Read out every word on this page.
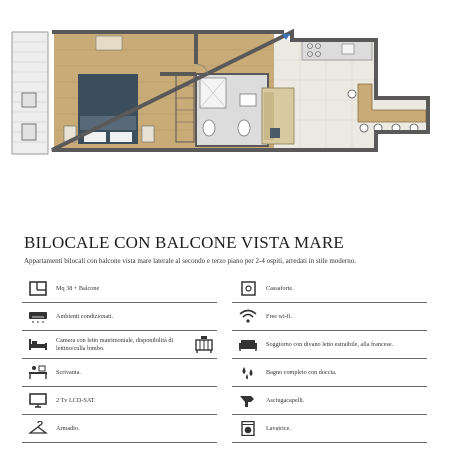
BILOCALE CON BALCONE VISTA MARE
Appartamenti bilocali con balcone vista mare laterale al secondo e terzo piano per 2-4 ospiti, arredati in stile moderno.
Mq 38 + Balcone
Ambienti condizionati.
Camera con letto matrimoniale, disponibilità di lettino/culla bimbo.
Scrivania.
2 Tv LCD-SAT.
Armadio.
Cassaforte.
Free wi-fi.
Soggiorno con divano letto estraibile, alla francese.
Bagno completo con doccia.
Asciugacapelli.
Lavatrice.
